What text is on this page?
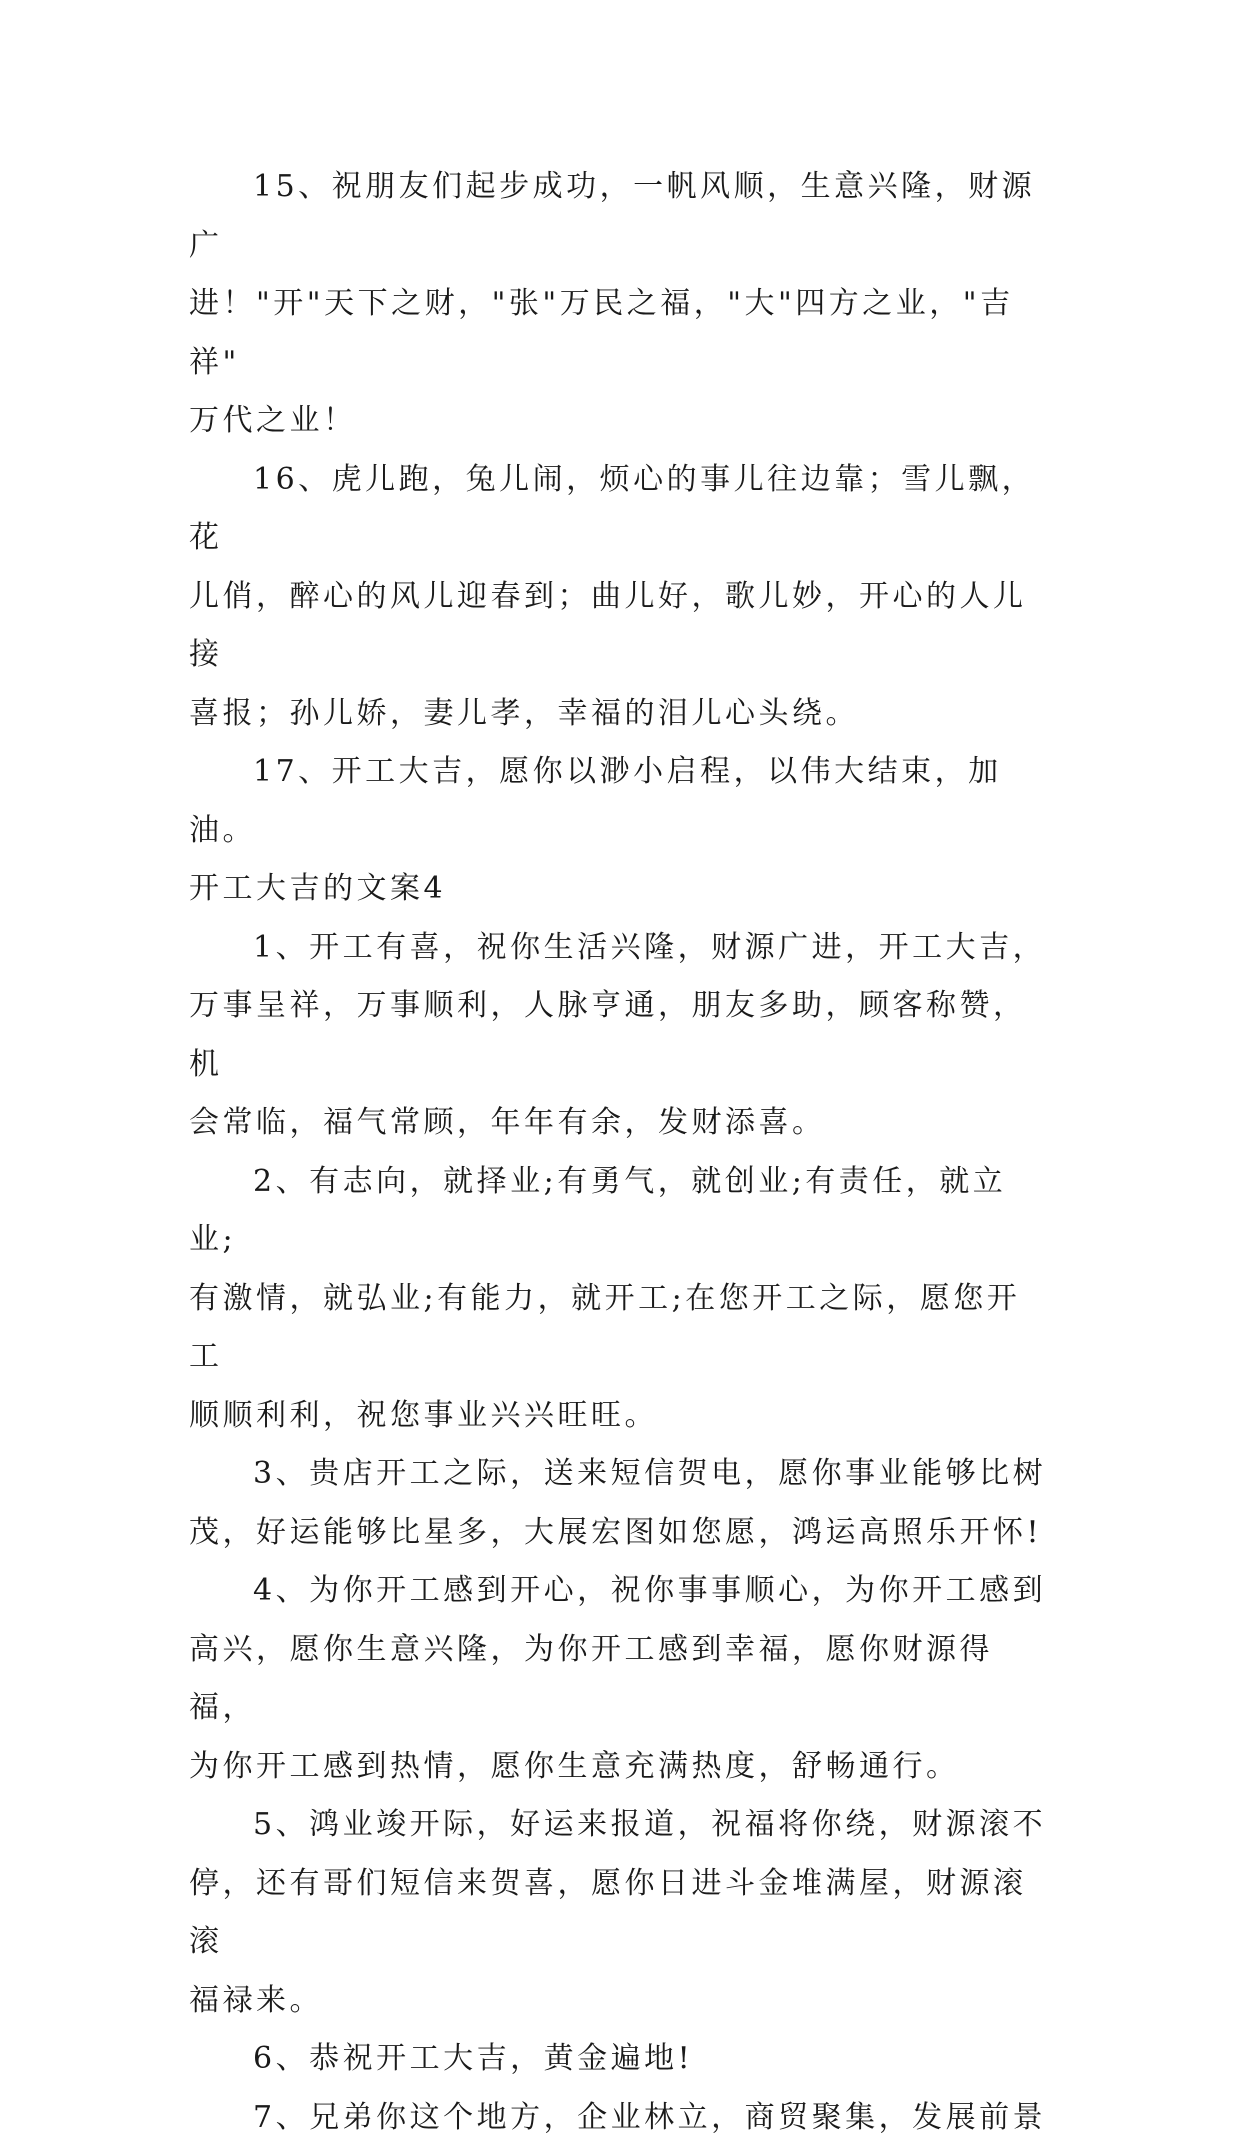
15、祝朋友们起步成功，一帆风顺，生意兴隆，财源广
进！"开"天下之财，"张"万民之福，"大"四方之业，"吉祥"
万代之业！

16、虎儿跑，兔儿闹，烦心的事儿往边靠；雪儿飘，花
儿俏，醉心的风儿迎春到；曲儿好，歌儿妙，开心的人儿接
喜报；孙儿娇，妻儿孝，幸福的泪儿心头绕。

17、开工大吉，愿你以渺小启程，以伟大结束，加油。

开工大吉的文案4

1、开工有喜，祝你生活兴隆，财源广进，开工大吉，
万事呈祥，万事顺利，人脉亨通，朋友多助，顾客称赞，机
会常临，福气常顾，年年有余，发财添喜。

2、有志向，就择业;有勇气，就创业;有责任，就立业;
有激情，就弘业;有能力，就开工;在您开工之际，愿您开工
顺顺利利，祝您事业兴兴旺旺。

3、贵店开工之际，送来短信贺电，愿你事业能够比树
茂，好运能够比星多，大展宏图如您愿，鸿运高照乐开怀!

4、为你开工感到开心，祝你事事顺心，为你开工感到
高兴，愿你生意兴隆，为你开工感到幸福，愿你财源得福，
为你开工感到热情，愿你生意充满热度，舒畅通行。

5、鸿业竣开际，好运来报道，祝福将你绕，财源滚不
停，还有哥们短信来贺喜，愿你日进斗金堆满屋，财源滚滚
福禄来。

6、恭祝开工大吉，黄金遍地!

7、兄弟你这个地方，企业林立，商贸聚集，发展前景
